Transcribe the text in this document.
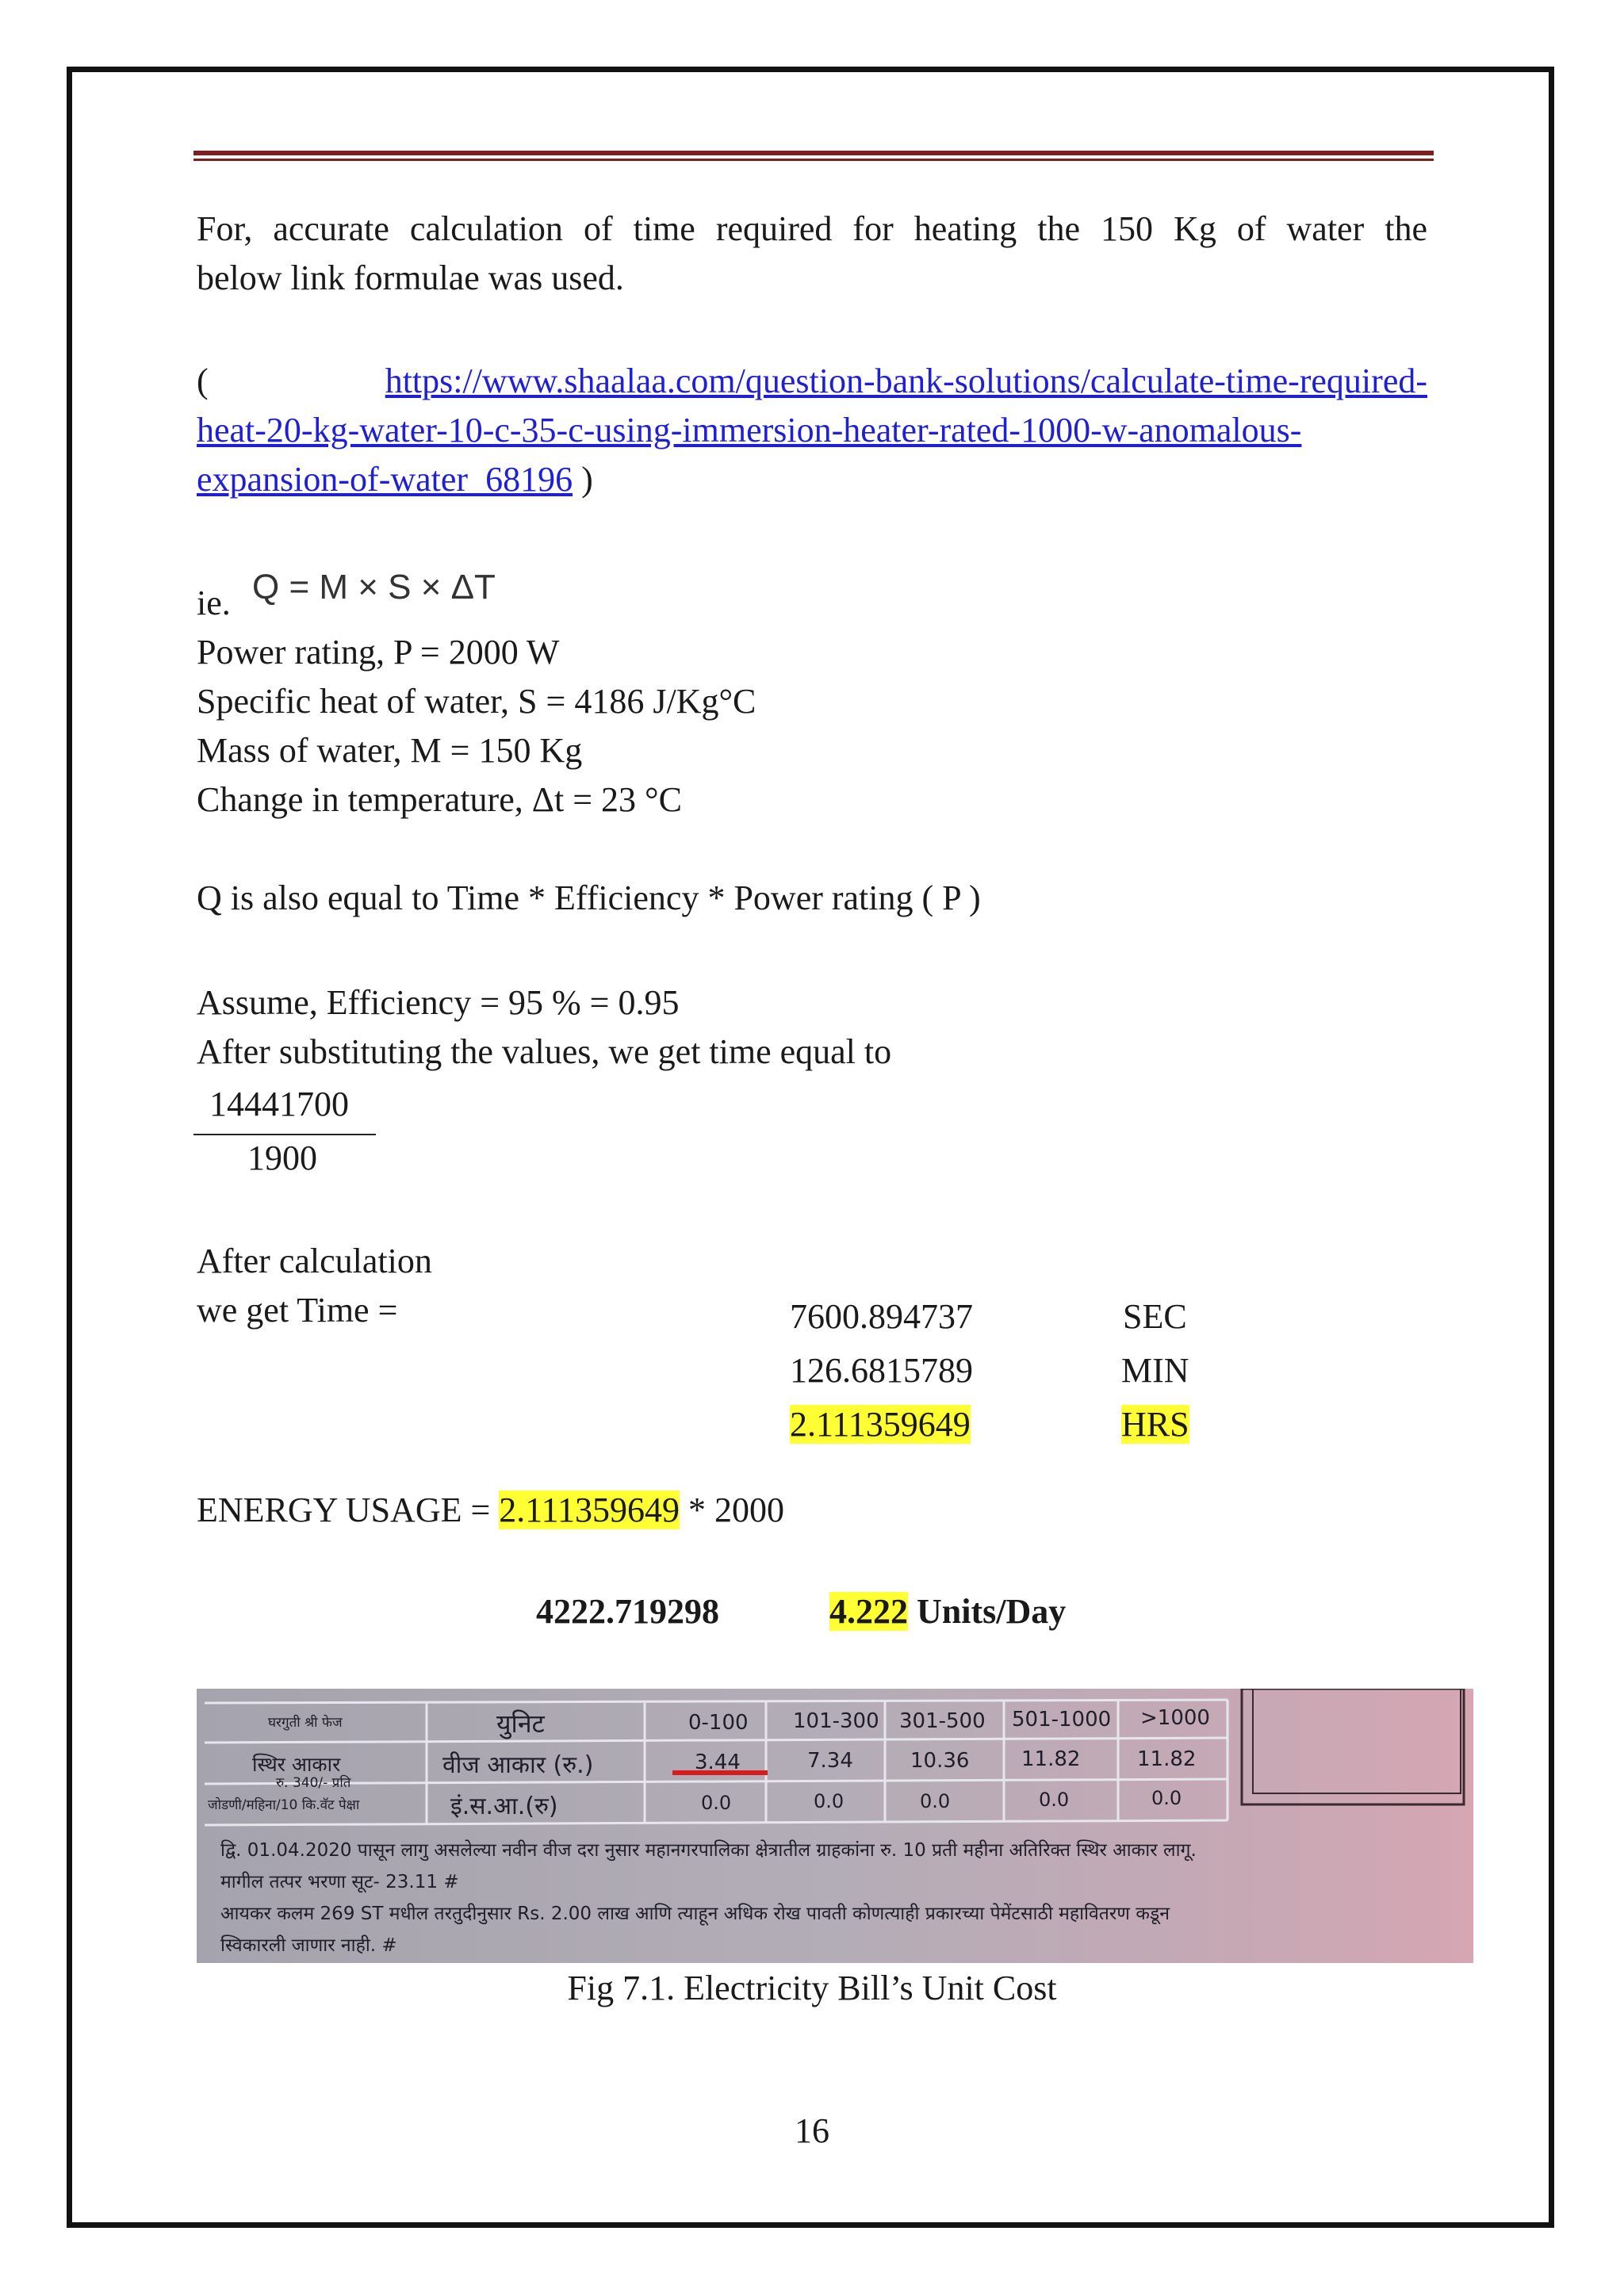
For, accurate calculation of time required for heating the 150 Kg of water the
below link formulae was used.
(	https://www.shaalaa.com/question-bank-solutions/calculate-time-required-
heat-20-kg-water-10-c-35-c-using-immersion-heater-rated-1000-w-anomalous-
expansion-of-water_68196 )
ie. Q = M × S × ΔT
Power rating, P = 2000 W
Specific heat of water, S = 4186 J/Kg°C
Mass of water, M = 150 Kg
Change in temperature, Δt = 23 °C
Q is also equal to Time * Efficiency * Power rating ( P )
Assume, Efficiency = 95 % = 0.95
After substituting the values, we get time equal to
14441700
1900
After calculation
we get Time =	7600.894737	SEC
126.6815789	MIN
2.111359649	HRS
ENERGY USAGE = 2.111359649 * 2000
4222.719298	4.222 Units/Day
घरगुती श्री फेज	युनिट	0-100 101-300 301-500 501-1000 >1000
स्थिर आकार
रु. 340/- प्रति
वीज आकार (रु.)	3.44	7.34	10.36	11.82	11.82
जोडणी/महिना/10 कि.वॅट पेक्षा	इं.स.आ.(रु)	0.0	0.0	0.0	0.0	0.0
द्वि. 01.04.2020 पासून लागु असलेल्या नवीन वीज दरा नुसार महानगरपालिका क्षेत्रातील ग्राहकांना रु. 10 प्रती महीना अतिरिक्त स्थिर आकार लागू.
मागील तत्पर भरणा सूट- 23.11 #
आयकर कलम 269 ST मधील तरतुदीनुसार Rs. 2.00 लाख आणि त्याहून अधिक रोख पावती कोणत्याही प्रकारच्या पेमेंटसाठी महावितरण कडून
स्विकारली जाणार नाही. #
Fig 7.1. Electricity Bill’s Unit Cost
16
